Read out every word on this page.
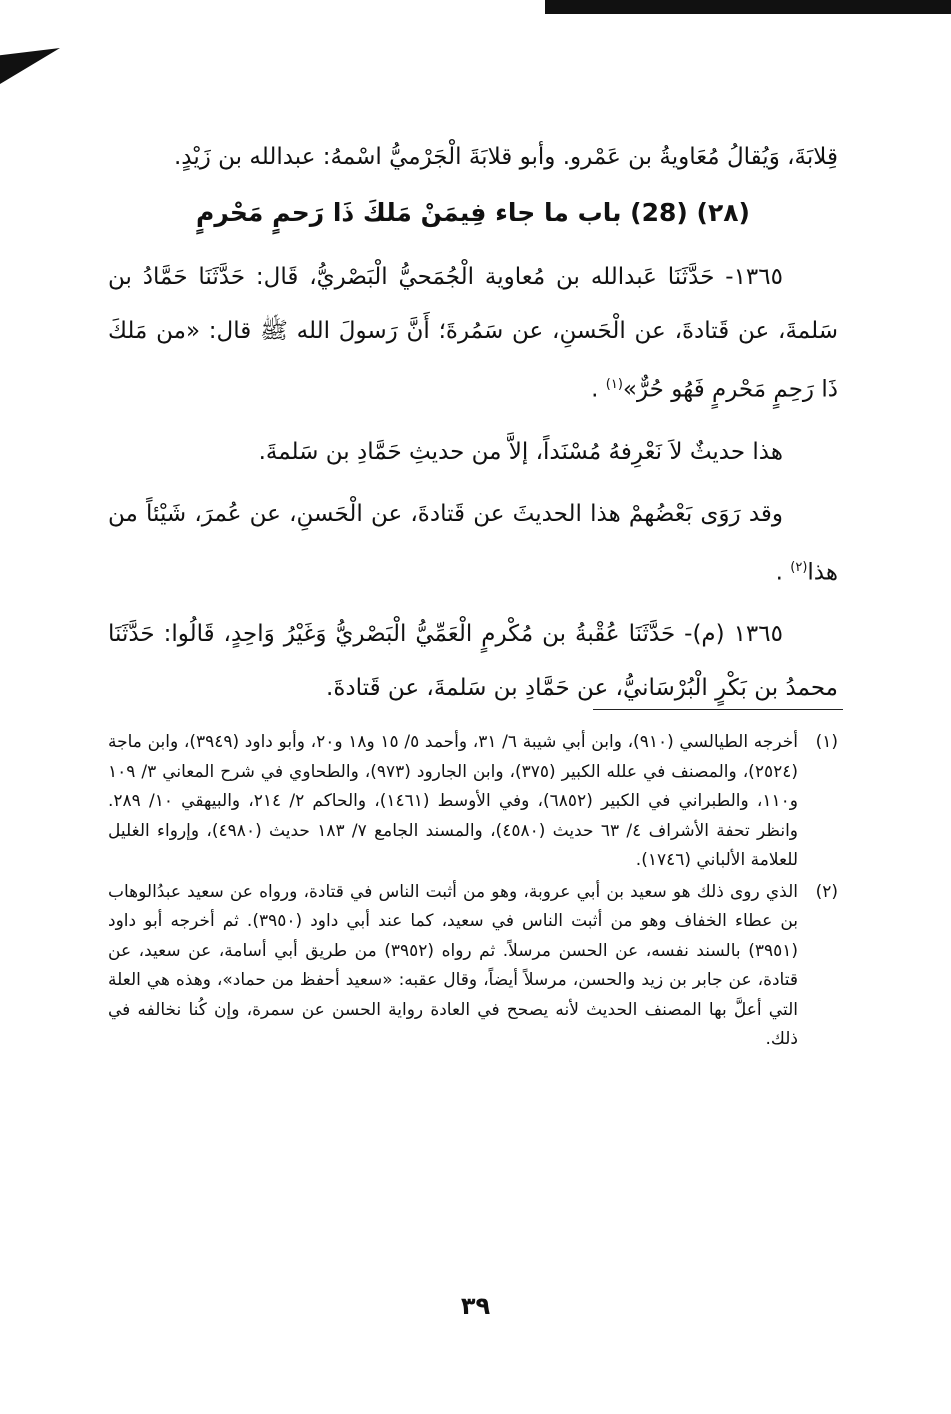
قِلابَةَ، وَيُقالُ مُعَاويةُ بن عَمْرو. وأبو قلابَةَ الْجَرْميُّ اسْمهُ: عبدالله بن زَيْدٍ.

(٢٨) (28) باب ما جاء فِيمَنْ مَلكَ ذَا رَحمٍ مَحْرمٍ

١٣٦٥- حَدَّثَنَا عَبدالله بن مُعاوية الْجُمَحيُّ الْبَصْريُّ، قَال: حَدَّثَنَا حَمَّادُ بن سَلمةَ، عن قَتادةَ، عن الْحَسنِ، عن سَمُرةَ؛ أَنَّ رَسولَ الله ﷺ قال: «من مَلكَ ذَا رَحِمٍ مَحْرمٍ فَهُو حُرٌّ»$^{(١)}$ .

هذا حديثٌ لاَ نَعْرِفهُ مُسْنَداً، إلاَّ من حديثِ حَمَّادِ بن سَلمةَ.

وقد رَوَى بَعْضُهمْ هذا الحديثَ عن قَتادةَ، عن الْحَسنِ، عن عُمرَ، شَيْئاً من هذا$^{(٢)}$ .

١٣٦٥ (م)- حَدَّثَنَا عُقْبةُ بن مُكْرمٍ الْعَمِّيُّ الْبَصْريُّ وَغَيْرُ وَاحِدٍ، قَالُوا: حَدَّثَنَا محمدُ بن بَكْرٍ الْبُرْسَانيُّ، عن حَمَّادِ بن سَلمةَ، عن قَتادةَ.

(١)
أخرجه الطيالسي (٩١٠)، وابن أبي شيبة ٦/ ٣١، وأحمد ٥/ ١٥ و١٨ و٢٠، وأبو داود (٣٩٤٩)، وابن ماجة (٢٥٢٤)، والمصنف في علله الكبير (٣٧٥)، وابن الجارود (٩٧٣)، والطحاوي في شرح المعاني ٣/ ١٠٩ و١١٠، والطبراني في الكبير (٦٨٥٢)، وفي الأوسط (١٤٦١)، والحاكم ٢/ ٢١٤، والبيهقي ١٠/ ٢٨٩. وانظر تحفة الأشراف ٤/ ٦٣ حديث (٤٥٨٠)، والمسند الجامع ٧/ ١٨٣ حديث (٤٩٨٠)، وإرواء الغليل للعلامة الألباني (١٧٤٦).
(٢)
الذي روى ذلك هو سعيد بن أبي عروبة، وهو من أثبت الناس في قتادة، ورواه عن سعيد عبدُالوهاب بن عطاء الخفاف وهو من أثبت الناس في سعيد، كما عند أبي داود (٣٩٥٠). ثم أخرجه أبو داود (٣٩٥١) بالسند نفسه، عن الحسن مرسلاً. ثم رواه (٣٩٥٢) من طريق أبي أسامة، عن سعيد، عن قتادة، عن جابر بن زيد والحسن، مرسلاً أيضاً، وقال عقبه: «سعيد أحفظ من حماد»، وهذه هي العلة التي أعلَّ بها المصنف الحديث لأنه يصحح في العادة رواية الحسن عن سمرة، وإن كُنا نخالفه في ذلك.
٣٩
